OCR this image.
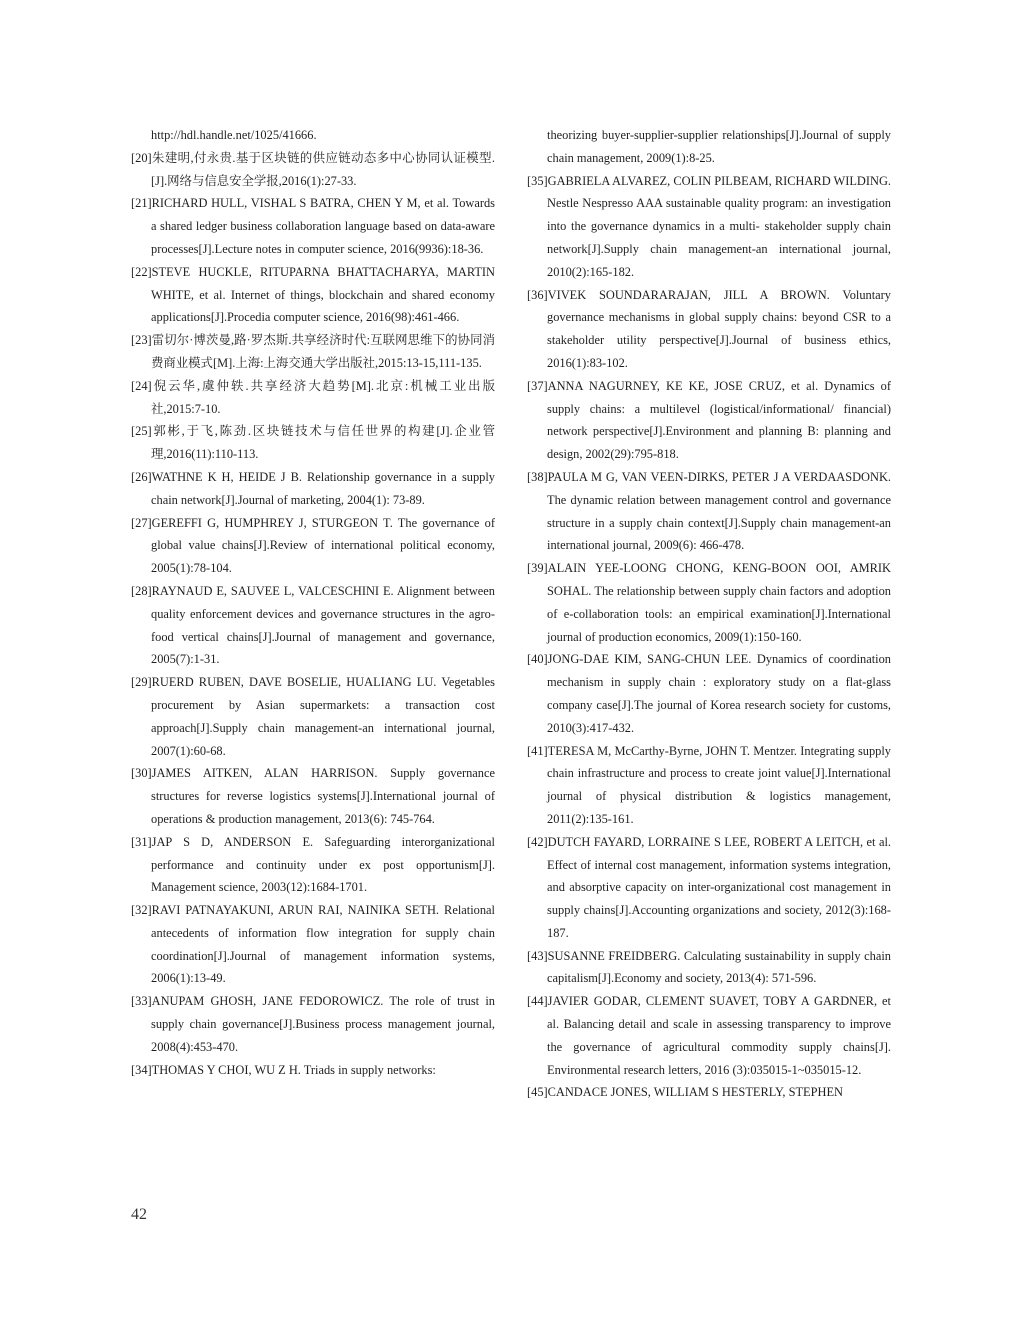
http://hdl.handle.net/1025/41666.

[20]朱建明,付永贵.基于区块链的供应链动态多中心协同认证模型.[J].网络与信息安全学报,2016(1):27-33.

[21]RICHARD HULL, VISHAL S BATRA, CHEN Y M, et al. Towards a shared ledger business collaboration language based on data-aware processes[J].Lecture notes in computer science, 2016(9936):18-36.

[22]STEVE HUCKLE, RITUPARNA BHATTACHARYA, MARTIN WHITE, et al. Internet of things, blockchain and shared economy applications[J].Procedia computer science, 2016(98):461-466.

[23]雷切尔·博茨曼,路·罗杰斯.共享经济时代:互联网思维下的协同消费商业模式[M].上海:上海交通大学出版社,2015:13-15,111-135.

[24]倪云华,虞仲轶.共享经济大趋势[M].北京:机械工业出版社,2015:7-10.

[25]郭彬,于飞,陈劲.区块链技术与信任世界的构建[J].企业管理,2016(11):110-113.

[26]WATHNE K H, HEIDE J B. Relationship governance in a supply chain network[J].Journal of marketing, 2004(1): 73-89.

[27]GEREFFI G, HUMPHREY J, STURGEON T. The governance of global value chains[J].Review of international political economy, 2005(1):78-104.

[28]RAYNAUD E, SAUVEE L, VALCESCHINI E. Alignment between quality enforcement devices and governance structures in the agro-food vertical chains[J].Journal of management and governance, 2005(7):1-31.

[29]RUERD RUBEN, DAVE BOSELIE, HUALIANG LU. Vegetables procurement by Asian supermarkets: a transaction cost approach[J].Supply chain management-an international journal, 2007(1):60-68.

[30]JAMES AITKEN, ALAN HARRISON. Supply governance structures for reverse logistics systems[J].International journal of operations & production management, 2013(6): 745-764.

[31]JAP S D, ANDERSON E. Safeguarding interorganizational performance and continuity under ex post opportunism[J]. Management science, 2003(12):1684-1701.

[32]RAVI PATNAYAKUNI, ARUN RAI, NAINIKA SETH. Relational antecedents of information flow integration for supply chain coordination[J].Journal of management information systems, 2006(1):13-49.

[33]ANUPAM GHOSH, JANE FEDOROWICZ. The role of trust in supply chain governance[J].Business process management journal, 2008(4):453-470.

[34]THOMAS Y CHOI, WU Z H. Triads in supply networks:

theorizing buyer-supplier-supplier relationships[J].Journal of supply chain management, 2009(1):8-25.

[35]GABRIELA ALVAREZ, COLIN PILBEAM, RICHARD WILDING. Nestle Nespresso AAA sustainable quality program: an investigation into the governance dynamics in a multi- stakeholder supply chain network[J].Supply chain management-an international journal, 2010(2):165-182.

[36]VIVEK SOUNDARARAJAN, JILL A BROWN. Voluntary governance mechanisms in global supply chains: beyond CSR to a stakeholder utility perspective[J].Journal of business ethics, 2016(1):83-102.

[37]ANNA NAGURNEY, KE KE, JOSE CRUZ, et al. Dynamics of supply chains: a multilevel (logistical/informational/ financial) network perspective[J].Environment and planning B: planning and design, 2002(29):795-818.

[38]PAULA M G, VAN VEEN-DIRKS, PETER J A VERDAASDONK. The dynamic relation between management control and governance structure in a supply chain context[J].Supply chain management-an international journal, 2009(6): 466-478.

[39]ALAIN YEE-LOONG CHONG, KENG-BOON OOI, AMRIK SOHAL. The relationship between supply chain factors and adoption of e-collaboration tools: an empirical examination[J].International journal of production economics, 2009(1):150-160.

[40]JONG-DAE KIM, SANG-CHUN LEE. Dynamics of coordination mechanism in supply chain : exploratory study on a flat-glass company case[J].The journal of Korea research society for customs, 2010(3):417-432.

[41]TERESA M, McCarthy-Byrne, JOHN T. Mentzer. Integrating supply chain infrastructure and process to create joint value[J].International journal of physical distribution & logistics management, 2011(2):135-161.

[42]DUTCH FAYARD, LORRAINE S LEE, ROBERT A LEITCH, et al. Effect of internal cost management, information systems integration, and absorptive capacity on inter-organizational cost management in supply chains[J].Accounting organizations and society, 2012(3):168-187.

[43]SUSANNE FREIDBERG. Calculating sustainability in supply chain capitalism[J].Economy and society, 2013(4): 571-596.

[44]JAVIER GODAR, CLEMENT SUAVET, TOBY A GARDNER, et al. Balancing detail and scale in assessing transparency to improve the governance of agricultural commodity supply chains[J]. Environmental research letters, 2016 (3):035015-1~035015-12.

[45]CANDACE JONES, WILLIAM S HESTERLY, STEPHEN

42
